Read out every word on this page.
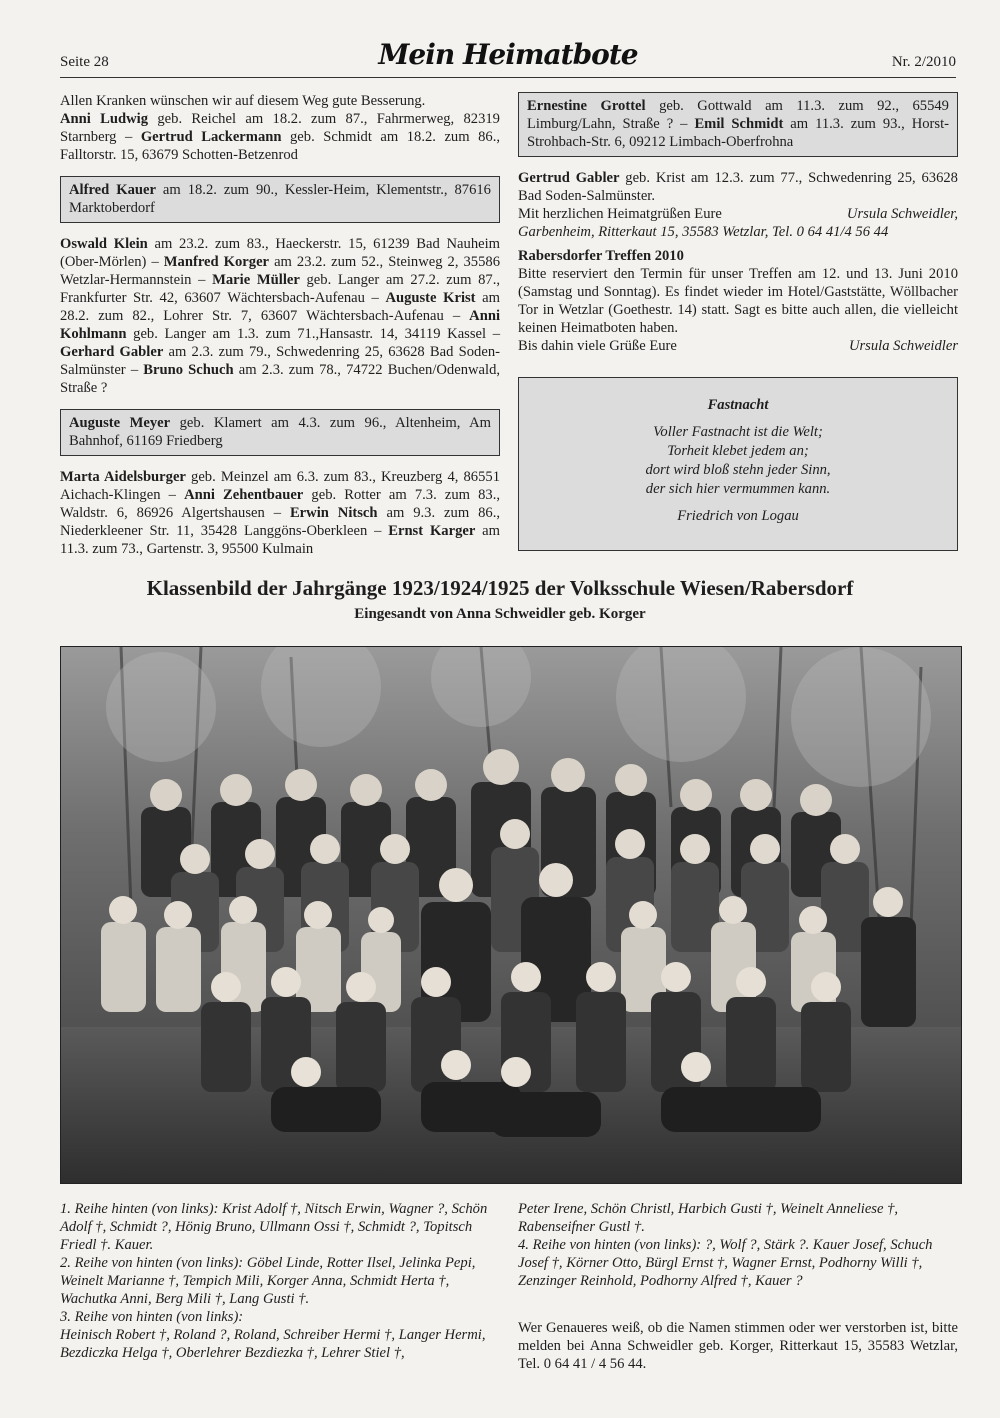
Seite 28	Mein Heimatbote	Nr. 2/2010

Allen Kranken wünschen wir auf diesem Weg gute Besserung.

Anni Ludwig geb. Reichel am 18.2. zum 87., Fahrmerweg, 82319 Starnberg – Gertrud Lackermann geb. Schmidt am 18.2. zum 86., Falltorstr. 15, 63679 Schotten-Betzenrod

Alfred Kauer am 18.2. zum 90., Kessler-Heim, Klementstr., 87616 Marktoberdorf

Oswald Klein am 23.2. zum 83., Haeckerstr. 15, 61239 Bad Nauheim (Ober-Mörlen) – Manfred Korger am 23.2. zum 52., Steinweg 2, 35586 Wetzlar-Hermannstein – Marie Müller geb. Langer am 27.2. zum 87., Frankfurter Str. 42, 63607 Wächtersbach-Aufenau – Auguste Krist am 28.2. zum 82., Lohrer Str. 7, 63607 Wächtersbach-Aufenau – Anni Kohlmann geb. Langer am 1.3. zum 71.,Hansastr. 14, 34119 Kassel – Gerhard Gabler am 2.3. zum 79., Schwedenring 25, 63628 Bad Soden-Salmünster – Bruno Schuch am 2.3. zum 78., 74722 Buchen/Odenwald, Straße ?

Auguste Meyer geb. Klamert am 4.3. zum 96., Altenheim, Am Bahnhof, 61169 Friedberg

Marta Aidelsburger geb. Meinzel am 6.3. zum 83., Kreuzberg 4, 86551 Aichach-Klingen – Anni Zehentbauer geb. Rotter am 7.3. zum 83., Waldstr. 6, 86926 Algertshausen – Erwin Nitsch am 9.3. zum 86., Niederkleener Str. 11, 35428 Langgöns-Oberkleen – Ernst Karger am 11.3. zum 73., Gartenstr. 3, 95500 Kulmain

Ernestine Grottel geb. Gottwald am 11.3. zum 92., 65549 Limburg/Lahn, Straße ? – Emil Schmidt am 11.3. zum 93., Horst-Strohbach-Str. 6, 09212 Limbach-Oberfrohna

Gertrud Gabler geb. Krist am 12.3. zum 77., Schwedenring 25, 63628 Bad Soden-Salmünster.

Mit herzlichen Heimatgrüßen Eure	Ursula Schweidler,

Garbenheim, Ritterkaut 15, 35583 Wetzlar, Tel. 0 64 41/4 56 44

Rabersdorfer Treffen 2010

Bitte reserviert den Termin für unser Treffen am 12. und 13. Juni 2010 (Samstag und Sonntag). Es findet wieder im Hotel/Gaststätte, Wöllbacher Tor in Wetzlar (Goethestr. 14) statt. Sagt es bitte auch allen, die vielleicht keinen Heimatboten haben.

Bis dahin viele Grüße Eure	Ursula Schweidler
Fastnacht
Voller Fastnacht ist die Welt;
Torheit klebet jedem an;
dort wird bloß stehn jeder Sinn,
der sich hier vermummen kann.
Friedrich von Logau
Klassenbild der Jahrgänge 1923/1924/1925 der Volksschule Wiesen/Rabersdorf
Eingesandt von Anna Schweidler geb. Korger

1. Reihe hinten (von links): Krist Adolf †, Nitsch Erwin, Wagner ?, Schön Adolf †, Schmidt ?, Hönig Bruno, Ullmann Ossi †, Schmidt ?, Topitsch Friedl †. Kauer.

2. Reihe von hinten (von links): Göbel Linde, Rotter Ilsel, Jelinka Pepi, Weinelt Marianne †, Tempich Mili, Korger Anna, Schmidt Herta †, Wachutka Anni, Berg Mili †, Lang Gusti †.

3. Reihe von hinten (von links):

Heinisch Robert †, Roland ?, Roland, Schreiber Hermi †, Langer Hermi, Bezdiczka Helga †, Oberlehrer Bezdiezka †, Lehrer Stiel †,

Peter Irene, Schön Christl, Harbich Gusti †, Weinelt Anneliese †, Rabenseifner Gustl †.

4. Reihe von hinten (von links): ?, Wolf ?, Stärk ?. Kauer Josef, Schuch Josef †, Körner Otto, Bürgl Ernst †, Wagner Ernst, Podhorny Willi †, Zenzinger Reinhold, Podhorny Alfred †, Kauer ?

Wer Genaueres weiß, ob die Namen stimmen oder wer verstorben ist, bitte melden bei Anna Schweidler geb. Korger, Ritterkaut 15, 35583 Wetzlar, Tel. 0 64 41 / 4 56 44.
